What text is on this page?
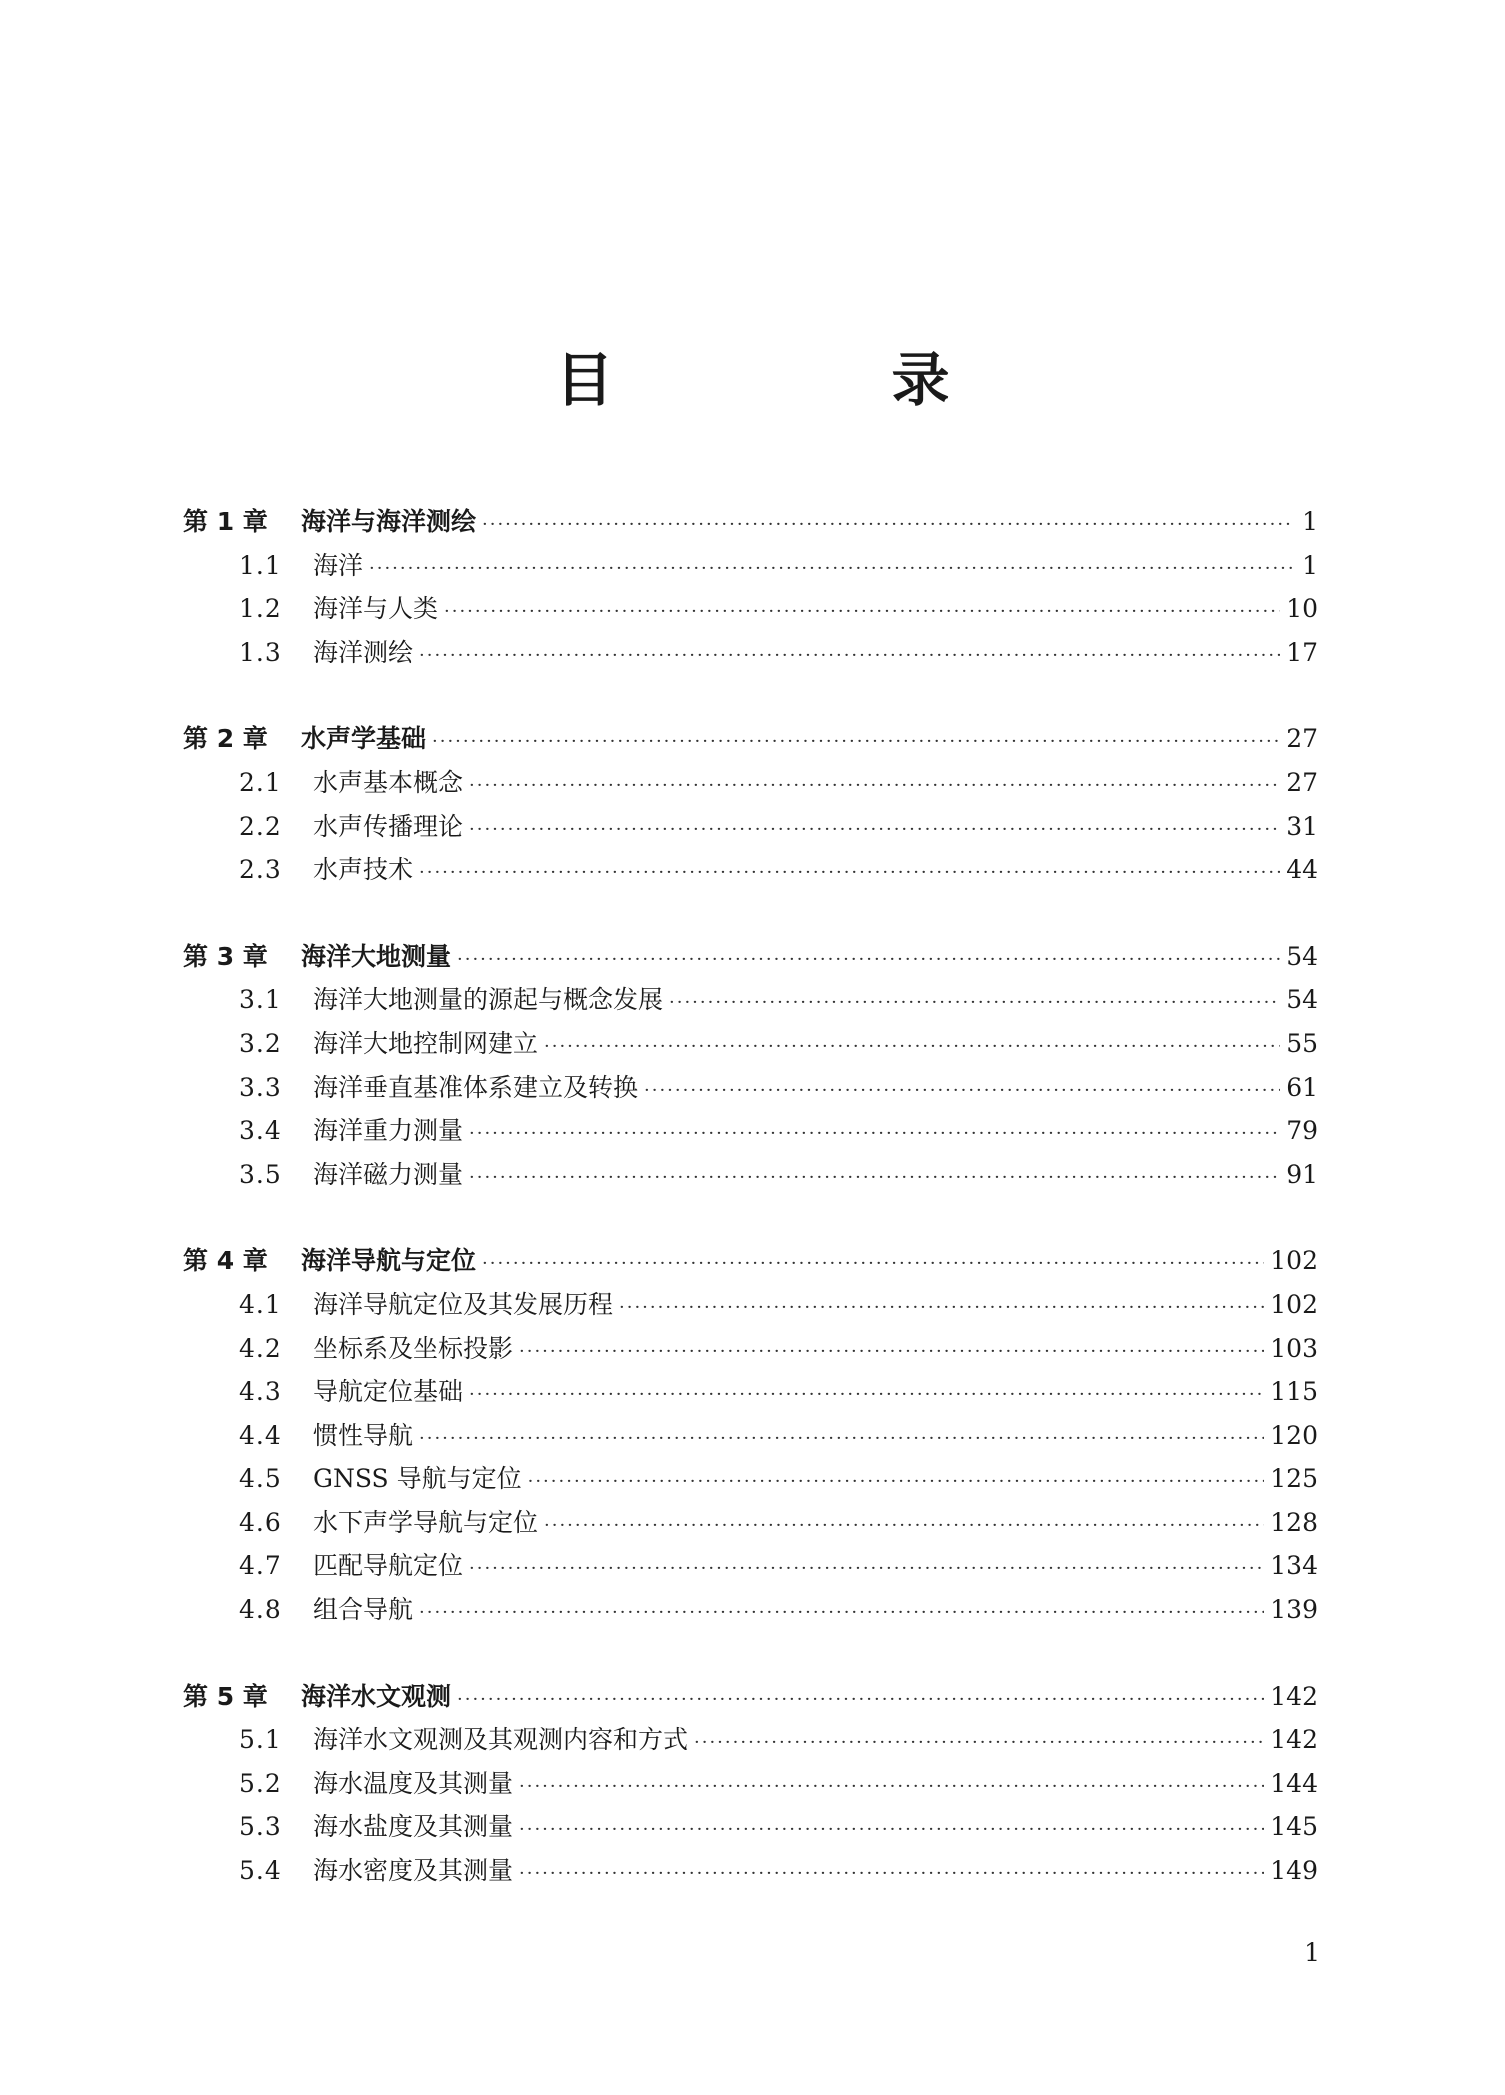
目　录
第 1 章	海洋与海洋测绘 ·····	1
1.1	海洋 ·····	1
1.2	海洋与人类 ·····	10
1.3	海洋测绘 ·····	17
第 2 章	水声学基础 ·····	27
2.1	水声基本概念 ·····	27
2.2	水声传播理论 ·····	31
2.3	水声技术 ·····	44
第 3 章	海洋大地测量 ·····	54
3.1	海洋大地测量的源起与概念发展 ·····	54
3.2	海洋大地控制网建立 ·····	55
3.3	海洋垂直基准体系建立及转换 ·····	61
3.4	海洋重力测量 ·····	79
3.5	海洋磁力测量 ·····	91
第 4 章	海洋导航与定位 ·····	102
4.1	海洋导航定位及其发展历程 ·····	102
4.2	坐标系及坐标投影 ·····	103
4.3	导航定位基础 ·····	115
4.4	惯性导航 ·····	120
4.5	GNSS 导航与定位 ·····	125
4.6	水下声学导航与定位 ·····	128
4.7	匹配导航定位 ·····	134
4.8	组合导航 ·····	139
第 5 章	海洋水文观测 ·····	142
5.1	海洋水文观测及其观测内容和方式 ·····	142
5.2	海水温度及其测量 ·····	144
5.3	海水盐度及其测量 ·····	145
5.4	海水密度及其测量 ·····	149
1
